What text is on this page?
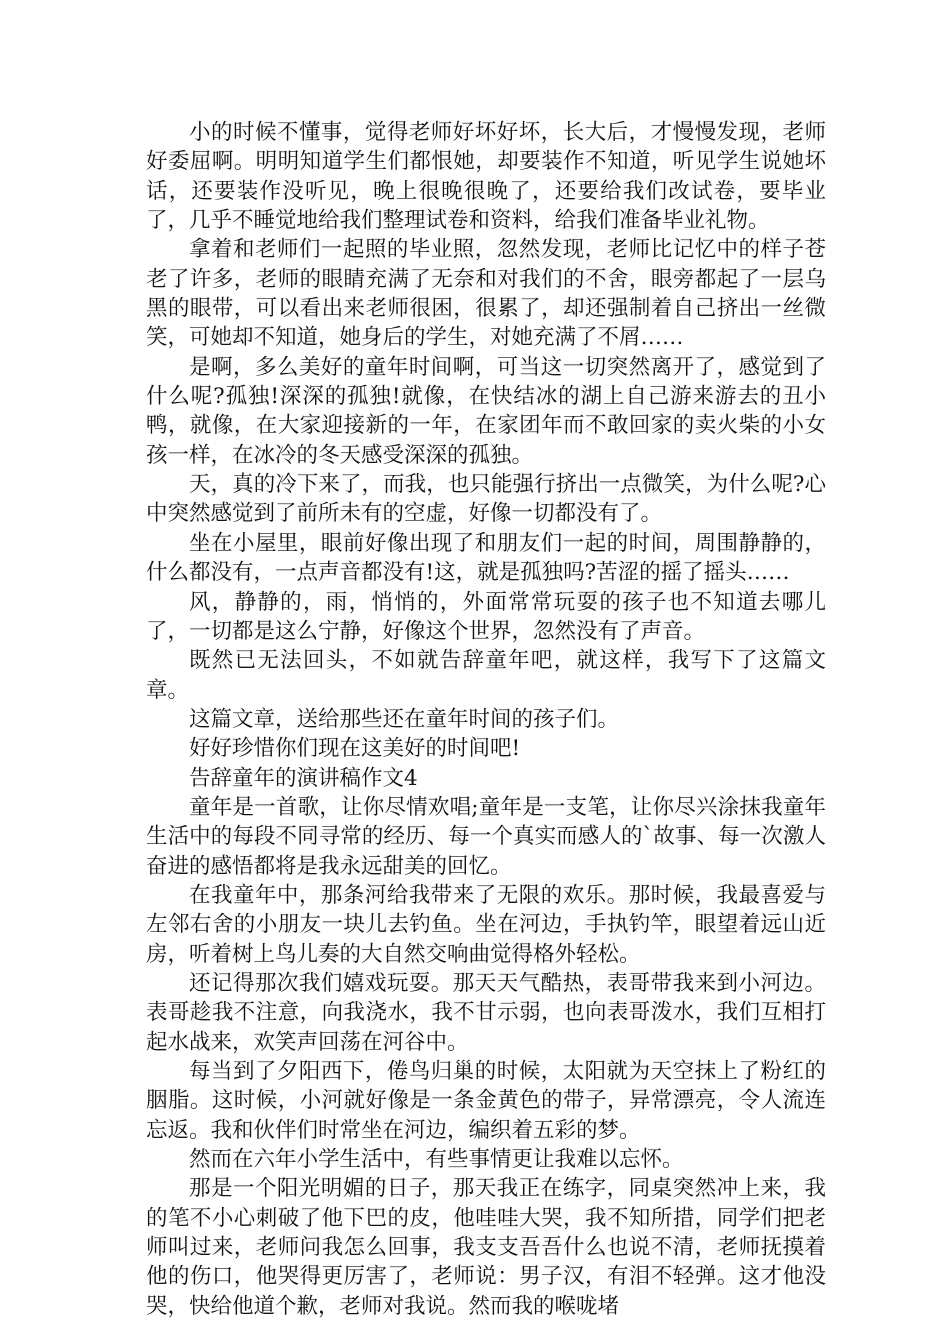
小的时候不懂事，觉得老师好坏好坏，长大后，才慢慢发现，老师好委屈啊。明明知道学生们都恨她，却要装作不知道，听见学生说她坏话，还要装作没听见，晚上很晚很晚了，还要给我们改试卷，要毕业了，几乎不睡觉地给我们整理试卷和资料，给我们准备毕业礼物。

拿着和老师们一起照的毕业照，忽然发现，老师比记忆中的样子苍老了许多，老师的眼睛充满了无奈和对我们的不舍，眼旁都起了一层乌黑的眼带，可以看出来老师很困，很累了，却还强制着自己挤出一丝微笑，可她却不知道，她身后的学生，对她充满了不屑……

是啊，多么美好的童年时间啊，可当这一切突然离开了，感觉到了什么呢?孤独!深深的孤独!就像，在快结冰的湖上自己游来游去的丑小鸭，就像，在大家迎接新的一年，在家团年而不敢回家的卖火柴的小女孩一样，在冰冷的冬天感受深深的孤独。

天，真的冷下来了，而我，也只能强行挤出一点微笑，为什么呢?心中突然感觉到了前所未有的空虚，好像一切都没有了。

坐在小屋里，眼前好像出现了和朋友们一起的时间，周围静静的，什么都没有，一点声音都没有!这，就是孤独吗?苦涩的摇了摇头……

风，静静的，雨，悄悄的，外面常常玩耍的孩子也不知道去哪儿了，一切都是这么宁静，好像这个世界，忽然没有了声音。

既然已无法回头，不如就告辞童年吧，就这样，我写下了这篇文章。

这篇文章，送给那些还在童年时间的孩子们。

好好珍惜你们现在这美好的时间吧!

告辞童年的演讲稿作文4

童年是一首歌，让你尽情欢唱;童年是一支笔，让你尽兴涂抹我童年生活中的每段不同寻常的经历、每一个真实而感人的`故事、每一次激人奋进的感悟都将是我永远甜美的回忆。

在我童年中，那条河给我带来了无限的欢乐。那时候，我最喜爱与左邻右舍的小朋友一块儿去钓鱼。坐在河边，手执钓竿，眼望着远山近房，听着树上鸟儿奏的大自然交响曲觉得格外轻松。

还记得那次我们嬉戏玩耍。那天天气酷热，表哥带我来到小河边。表哥趁我不注意，向我浇水，我不甘示弱，也向表哥泼水，我们互相打起水战来，欢笑声回荡在河谷中。

每当到了夕阳西下，倦鸟归巢的时候，太阳就为天空抹上了粉红的胭脂。这时候，小河就好像是一条金黄色的带子，异常漂亮，令人流连忘返。我和伙伴们时常坐在河边，编织着五彩的梦。

然而在六年小学生活中，有些事情更让我难以忘怀。

那是一个阳光明媚的日子，那天我正在练字，同桌突然冲上来，我的笔不小心刺破了他下巴的皮，他哇哇大哭，我不知所措，同学们把老师叫过来，老师问我怎么回事，我支支吾吾什么也说不清，老师抚摸着他的伤口，他哭得更厉害了，老师说：男子汉，有泪不轻弹。这才他没哭，快给他道个歉，老师对我说。然而我的喉咙堵
